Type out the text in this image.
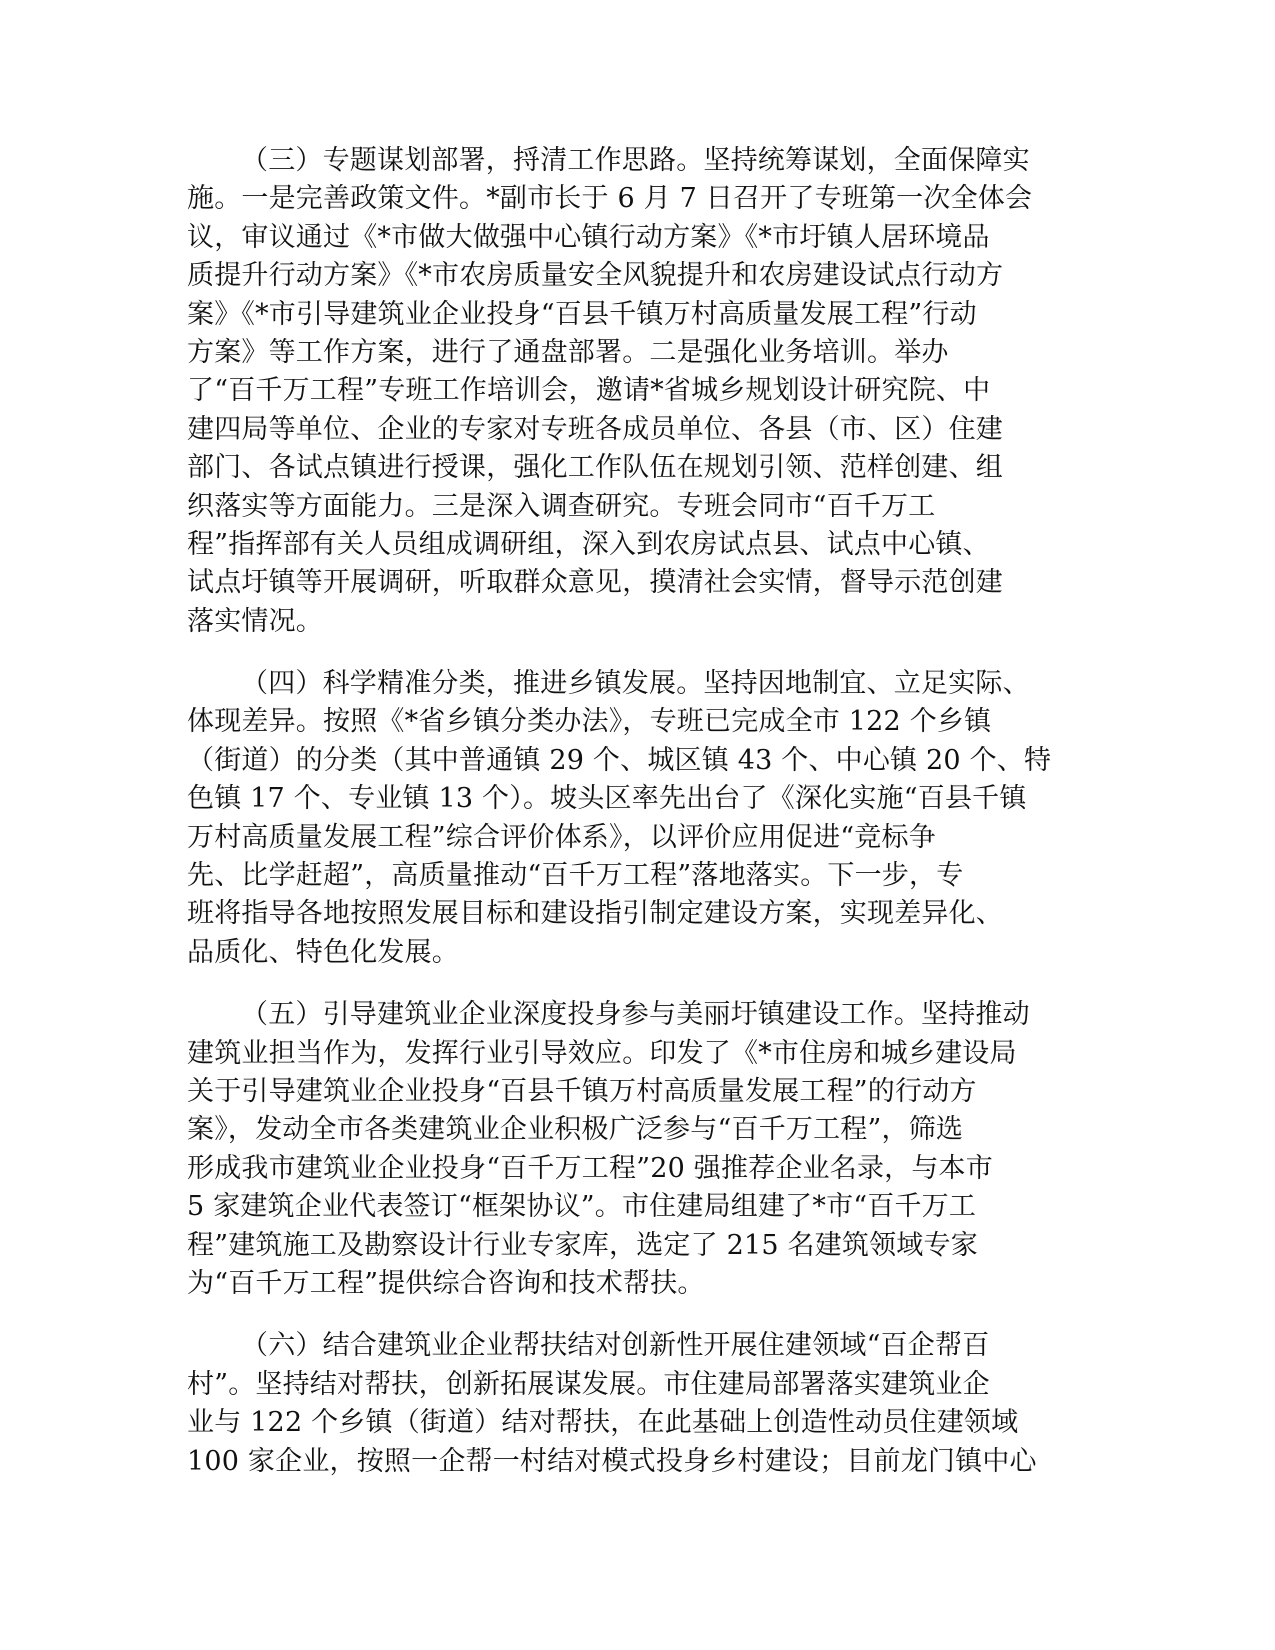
（三）专题谋划部署，捋清工作思路。坚持统筹谋划，全面保障实
施。一是完善政策文件。*副市长于 6 月 7 日召开了专班第一次全体会
议，审议通过《*市做大做强中心镇行动方案》《*市圩镇人居环境品
质提升行动方案》《*市农房质量安全风貌提升和农房建设试点行动方
案》《*市引导建筑业企业投身“百县千镇万村高质量发展工程”行动
方案》等工作方案，进行了通盘部署。二是强化业务培训。举办
了“百千万工程”专班工作培训会，邀请*省城乡规划设计研究院、中
建四局等单位、企业的专家对专班各成员单位、各县（市、区）住建
部门、各试点镇进行授课，强化工作队伍在规划引领、范样创建、组
织落实等方面能力。三是深入调查研究。专班会同市“百千万工
程”指挥部有关人员组成调研组，深入到农房试点县、试点中心镇、
试点圩镇等开展调研，听取群众意见，摸清社会实情，督导示范创建
落实情况。
（四）科学精准分类，推进乡镇发展。坚持因地制宜、立足实际、
体现差异。按照《*省乡镇分类办法》，专班已完成全市 122 个乡镇
（街道）的分类（其中普通镇 29 个、城区镇 43 个、中心镇 20 个、特
色镇 17 个、专业镇 13 个）。坡头区率先出台了《深化实施“百县千镇
万村高质量发展工程”综合评价体系》，以评价应用促进“竞标争
先、比学赶超”，高质量推动“百千万工程”落地落实。下一步，专
班将指导各地按照发展目标和建设指引制定建设方案，实现差异化、
品质化、特色化发展。
（五）引导建筑业企业深度投身参与美丽圩镇建设工作。坚持推动
建筑业担当作为，发挥行业引导效应。印发了《*市住房和城乡建设局
关于引导建筑业企业投身“百县千镇万村高质量发展工程”的行动方
案》，发动全市各类建筑业企业积极广泛参与“百千万工程”，筛选
形成我市建筑业企业投身“百千万工程”20 强推荐企业名录，与本市
5 家建筑企业代表签订“框架协议”。市住建局组建了*市“百千万工
程”建筑施工及勘察设计行业专家库，选定了 215 名建筑领域专家
为“百千万工程”提供综合咨询和技术帮扶。
（六）结合建筑业企业帮扶结对创新性开展住建领域“百企帮百
村”。坚持结对帮扶，创新拓展谋发展。市住建局部署落实建筑业企
业与 122 个乡镇（街道）结对帮扶，在此基础上创造性动员住建领域
100 家企业，按照一企帮一村结对模式投身乡村建设；目前龙门镇中心
